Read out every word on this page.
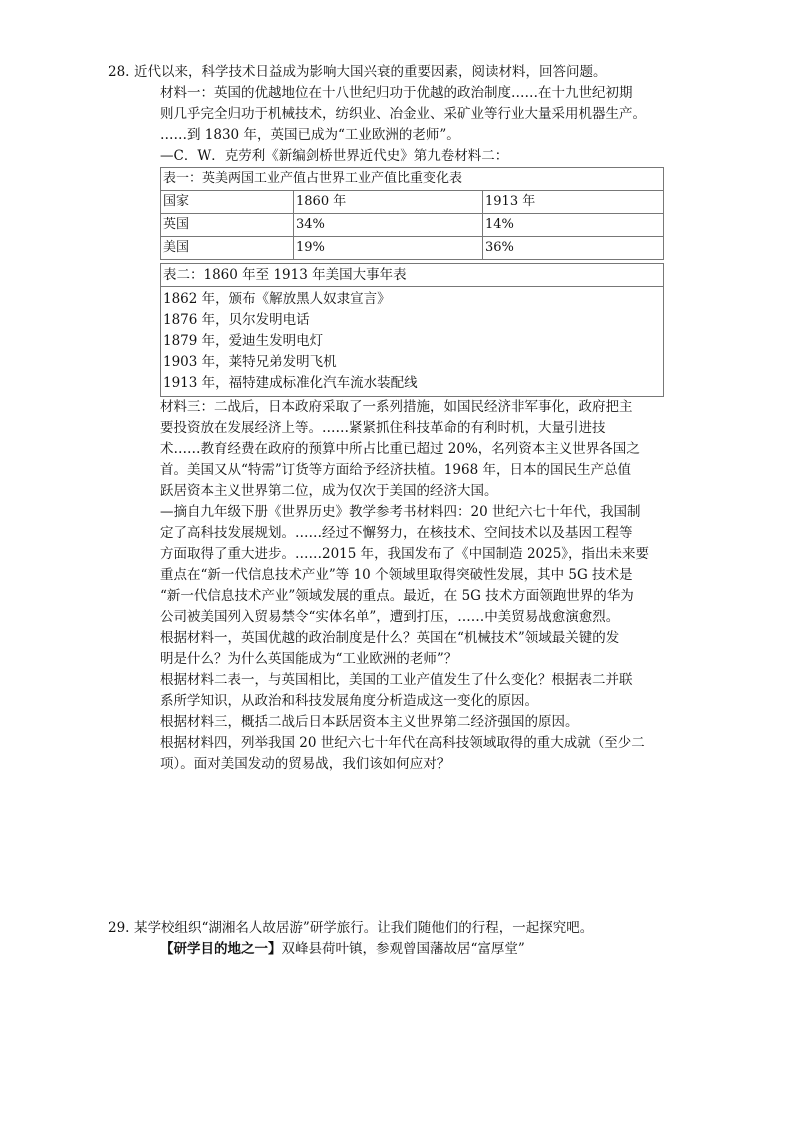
28. 近代以来，科学技术日益成为影响大国兴衰的重要因素，阅读材料，回答问题。
材料一：英国的优越地位在十八世纪归功于优越的政治制度……在十九世纪初期
则几乎完全归功于机械技术，纺织业、冶金业、采矿业等行业大量采用机器生产。
……到 1830 年，英国已成为“工业欧洲的老师”。
—C．W．克劳利《新编剑桥世界近代史》第九卷材料二：
表一：英美两国工业产值占世界工业产值比重变化表		
国家	1860 年	1913 年
英国	34%	14%
美国	19%	36%
表二：1860 年至 1913 年美国大事年表
1862 年，颁布《解放黑人奴隶宣言》
1876 年，贝尔发明电话
1879 年，爱迪生发明电灯
1903 年，莱特兄弟发明飞机
1913 年，福特建成标准化汽车流水装配线
材料三：二战后，日本政府采取了一系列措施，如国民经济非军事化，政府把主
要投资放在发展经济上等。……紧紧抓住科技革命的有利时机，大量引进技
术……教育经费在政府的预算中所占比重已超过 20%，名列资本主义世界各国之
首。美国又从“特需”订货等方面给予经济扶植。1968 年，日本的国民生产总值
跃居资本主义世界第二位，成为仅次于美国的经济大国。
—摘自九年级下册《世界历史》教学参考书材料四：20 世纪六七十年代，我国制
定了高科技发展规划。……经过不懈努力，在核技术、空间技术以及基因工程等
方面取得了重大进步。……2015 年，我国发布了《中国制造 2025》，指出未来要
重点在“新一代信息技术产业”等 10 个领域里取得突破性发展，其中 5G 技术是
“新一代信息技术产业”领域发展的重点。最近，在 5G 技术方面领跑世界的华为
公司被美国列入贸易禁令“实体名单”，遭到打压，……中美贸易战愈演愈烈。
根据材料一，英国优越的政治制度是什么？英国在“机械技术”领域最关键的发
明是什么？为什么英国能成为“工业欧洲的老师”？
根据材料二表一，与英国相比，美国的工业产值发生了什么变化？根据表二并联
系所学知识，从政治和科技发展角度分析造成这一变化的原因。
根据材料三，概括二战后日本跃居资本主义世界第二经济强国的原因。
根据材料四，列举我国 20 世纪六七十年代在高科技领域取得的重大成就（至少二
项）。面对美国发动的贸易战，我们该如何应对？
29. 某学校组织“湖湘名人故居游”研学旅行。让我们随他们的行程，一起探究吧。
【研学目的地之一】双峰县荷叶镇，参观曾国藩故居“富厚堂”
